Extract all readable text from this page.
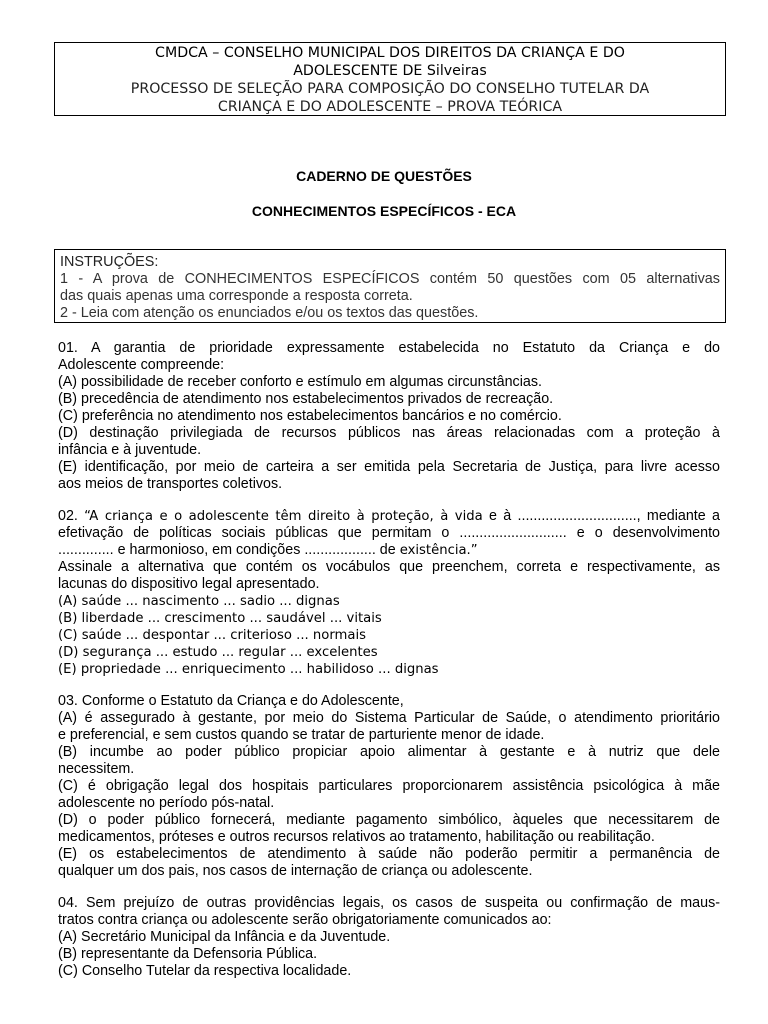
CMDCA – CONSELHO MUNICIPAL DOS DIREITOS DA CRIANÇA E DO
ADOLESCENTE DE Silveiras
PROCESSO DE SELEÇÃO PARA COMPOSIÇÃO DO CONSELHO TUTELAR DA
CRIANÇA E DO ADOLESCENTE – PROVA TEÓRICA
CADERNO DE QUESTÕES
CONHECIMENTOS ESPECÍFICOS - ECA
INSTRUÇÕES:
1 - A prova de CONHECIMENTOS ESPECÍFICOS contém 50 questões com 05 alternativas
das quais apenas uma corresponde a resposta correta.
2 - Leia com atenção os enunciados e/ou os textos das questões.
01. A garantia de prioridade expressamente estabelecida no Estatuto da Criança e do
Adolescente compreende:
(A) possibilidade de receber conforto e estímulo em algumas circunstâncias.
(B) precedência de atendimento nos estabelecimentos privados de recreação.
(C) preferência no atendimento nos estabelecimentos bancários e no comércio.
(D) destinação privilegiada de recursos públicos nas áreas relacionadas com a proteção à
infância e à juventude.
(E) identificação, por meio de carteira a ser emitida pela Secretaria de Justiça, para livre acesso
aos meios de transportes coletivos.
02. “A criança e o adolescente têm direito à proteção, à vida e à .............................., mediante a
efetivação de políticas sociais públicas que permitam o ........................... e o desenvolvimento
.............. e harmonioso, em condições .................. de existência.”
Assinale a alternativa que contém os vocábulos que preenchem, correta e respectivamente, as
lacunas do dispositivo legal apresentado.
(A) saúde ... nascimento ... sadio ... dignas
(B) liberdade ... crescimento ... saudável ... vitais
(C) saúde ... despontar ... criterioso ... normais
(D) segurança ... estudo ... regular ... excelentes
(E) propriedade ... enriquecimento ... habilidoso ... dignas
03. Conforme o Estatuto da Criança e do Adolescente,
(A) é assegurado à gestante, por meio do Sistema Particular de Saúde, o atendimento prioritário
e preferencial, e sem custos quando se tratar de parturiente menor de idade.
(B) incumbe ao poder público propiciar apoio alimentar à gestante e à nutriz que dele
necessitem.
(C) é obrigação legal dos hospitais particulares proporcionarem assistência psicológica à mãe
adolescente no período pós-natal.
(D) o poder público fornecerá, mediante pagamento simbólico, àqueles que necessitarem de
medicamentos, próteses e outros recursos relativos ao tratamento, habilitação ou reabilitação.
(E) os estabelecimentos de atendimento à saúde não poderão permitir a permanência de
qualquer um dos pais, nos casos de internação de criança ou adolescente.
04. Sem prejuízo de outras providências legais, os casos de suspeita ou confirmação de maus-
tratos contra criança ou adolescente serão obrigatoriamente comunicados ao:
(A) Secretário Municipal da Infância e da Juventude.
(B) representante da Defensoria Pública.
(C) Conselho Tutelar da respectiva localidade.
